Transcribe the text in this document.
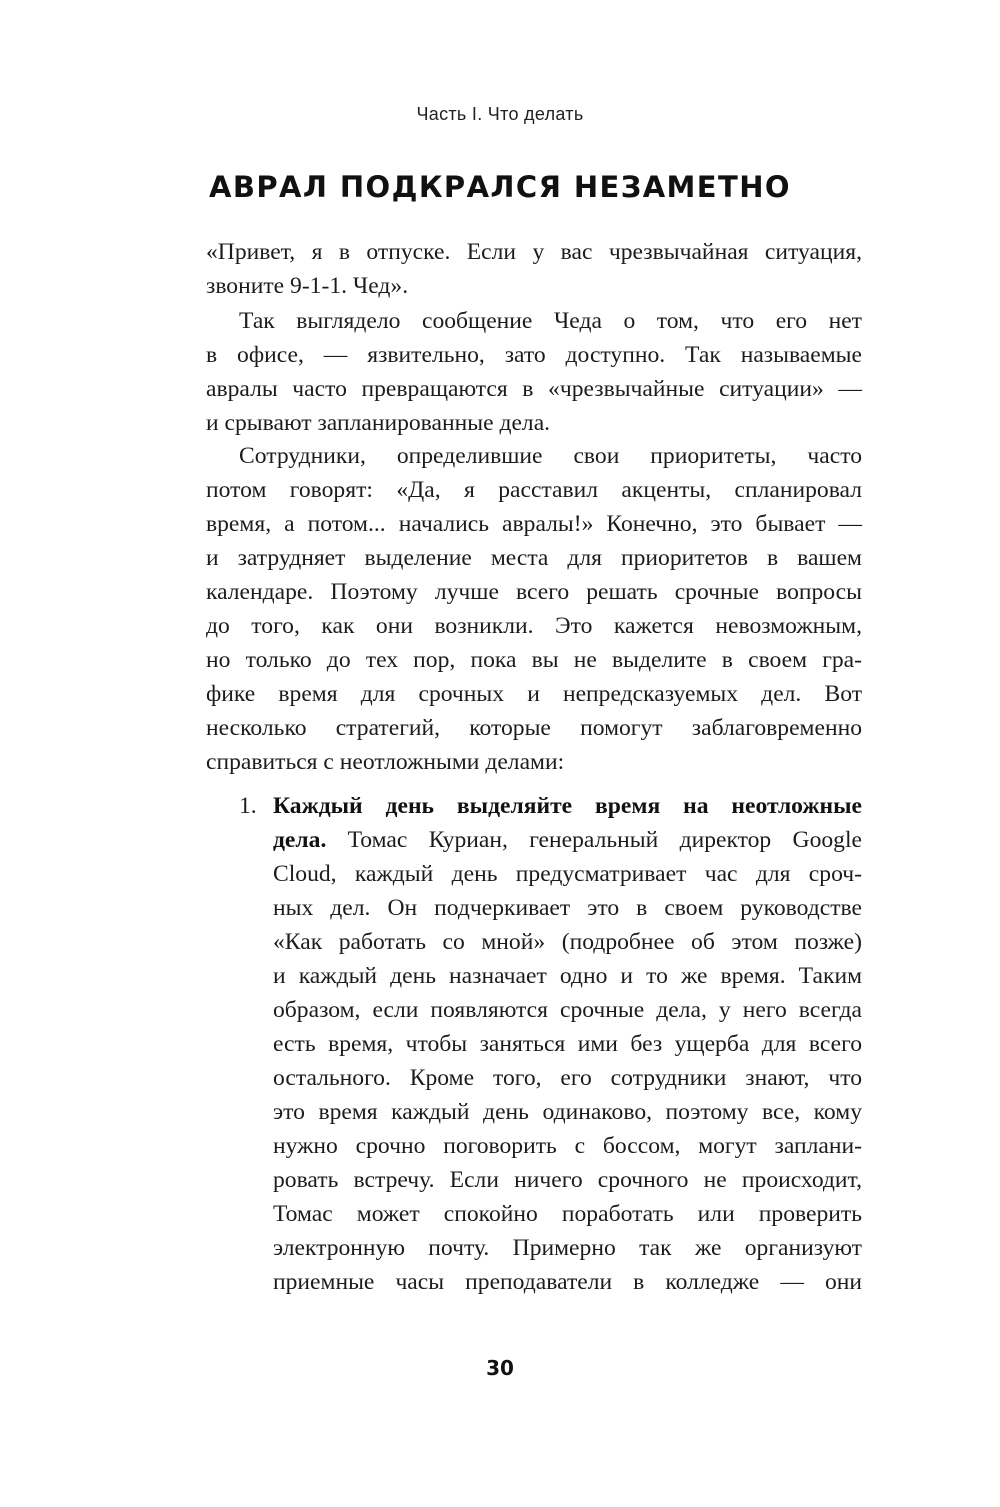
Часть I. Что делать
АВРАЛ ПОДКРАЛСЯ НЕЗАМЕТНО

«Привет, я в отпуске. Если у вас чрезвычайная ситуация,

звоните 9-1-1. Чед».

Так выглядело сообщение Чеда о том, что его нет

в офисе, — язвительно, зато доступно. Так называемые

авралы часто превращаются в «чрезвычайные ситуации» —

и срывают запланированные дела.

Сотрудники, определившие свои приоритеты, часто

потом говорят: «Да, я расставил акценты, спланировал

время, а потом... начались авралы!» Конечно, это бывает —

и затрудняет выделение места для приоритетов в вашем

календаре. Поэтому лучше всего решать срочные вопросы

до того, как они возникли. Это кажется невозможным,

но только до тех пор, пока вы не выделите в своем гра-

фике время для срочных и непредсказуемых дел. Вот

несколько стратегий, которые помогут заблаговременно

справиться с неотложными делами:

1. Каждый день выделяйте время на неотложные

дела. Томас Куриан, генеральный директор Google

Cloud, каждый день предусматривает час для сроч-

ных дел. Он подчеркивает это в своем руководстве

«Как работать со мной» (подробнее об этом позже)

и каждый день назначает одно и то же время. Таким

образом, если появляются срочные дела, у него всегда

есть время, чтобы заняться ими без ущерба для всего

остального. Кроме того, его сотрудники знают, что

это время каждый день одинаково, поэтому все, кому

нужно срочно поговорить с боссом, могут заплани-

ровать встречу. Если ничего срочного не происходит,

Томас может спокойно поработать или проверить

электронную почту. Примерно так же организуют

приемные часы преподаватели в колледже — они

30
